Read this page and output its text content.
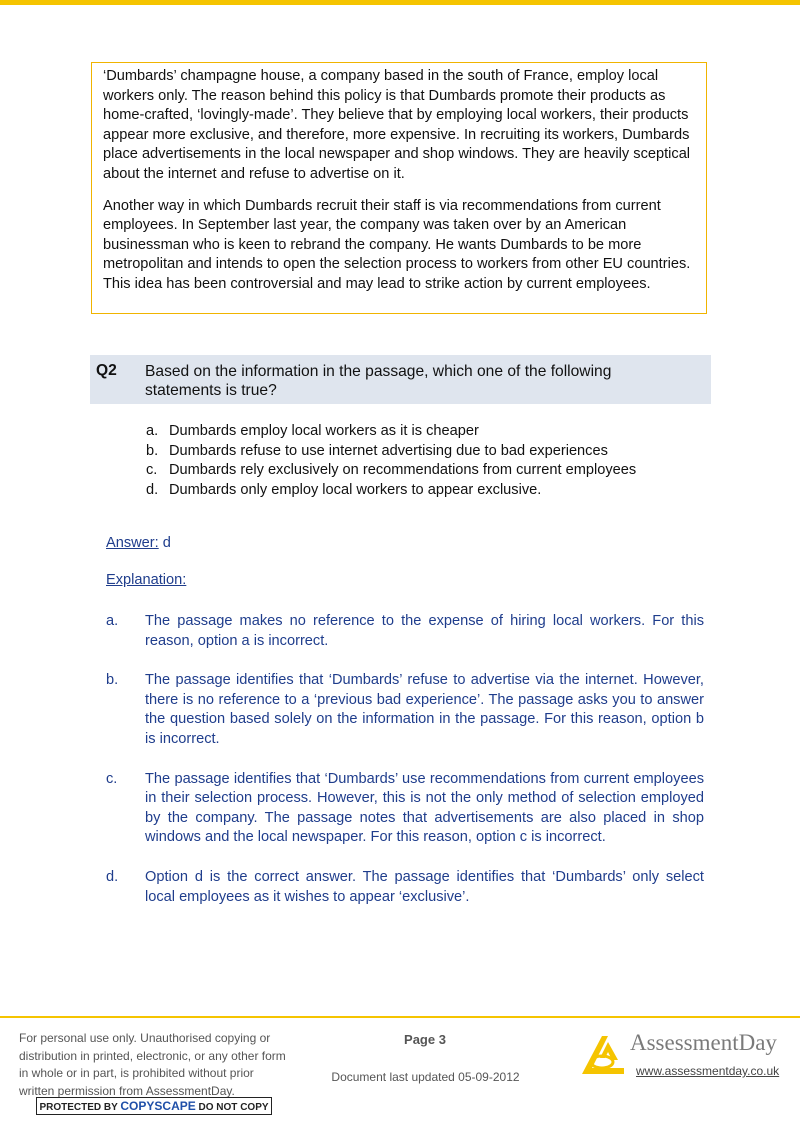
‘Dumbards’ champagne house, a company based in the south of France, employ local workers only. The reason behind this policy is that Dumbards promote their products as home-crafted, ‘lovingly-made’. They believe that by employing local workers, their products appear more exclusive, and therefore, more expensive. In recruiting its workers, Dumbards place advertisements in the local newspaper and shop windows. They are heavily sceptical about the internet and refuse to advertise on it.

Another way in which Dumbards recruit their staff is via recommendations from current employees. In September last year, the company was taken over by an American businessman who is keen to rebrand the company. He wants Dumbards to be more metropolitan and intends to open the selection process to workers from other EU countries. This idea has been controversial and may lead to strike action by current employees.

Q2 Based on the information in the passage, which one of the following statements is true?
a. Dumbards employ local workers as it is cheaper
b. Dumbards refuse to use internet advertising due to bad experiences
c. Dumbards rely exclusively on recommendations from current employees
d. Dumbards only employ local workers to appear exclusive.
Answer: d
Explanation:
a.	The passage makes no reference to the expense of hiring local workers. For this reason, option a is incorrect.
b.	The passage identifies that ‘Dumbards’ refuse to advertise via the internet. However, there is no reference to a ‘previous bad experience’. The passage asks you to answer the question based solely on the information in the passage. For this reason, option b is incorrect.
c.	The passage identifies that ‘Dumbards’ use recommendations from current employees in their selection process. However, this is not the only method of selection employed by the company. The passage notes that advertisements are also placed in shop windows and the local newspaper. For this reason, option c is incorrect.
d.	Option d is the correct answer. The passage identifies that ‘Dumbards’ only select local employees as it wishes to appear ‘exclusive’.
For personal use only. Unauthorised copying or distribution in printed, electronic, or any other form in whole or in part, is prohibited without prior written permission from AssessmentDay.
PROTECTED BY COPYSCAPE DO NOT COPY
Page 3
Document last updated 05-09-2012
AssessmentDay
www.assessmentday.co.uk
